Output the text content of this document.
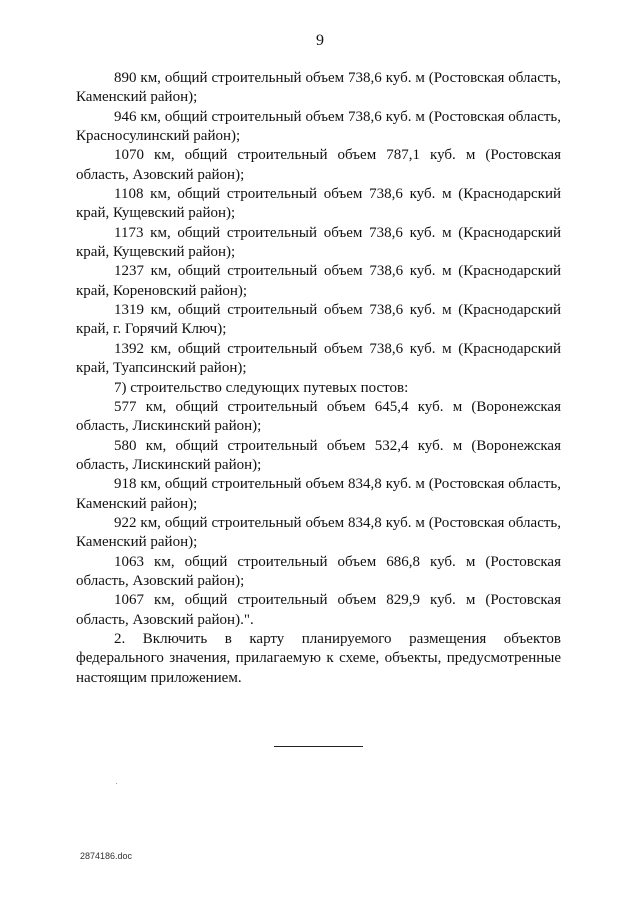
9

890 км, общий строительный объем 738,6 куб. м (Ростовская область, Каменский район);

946 км, общий строительный объем 738,6 куб. м (Ростовская область, Красносулинский район);

1070 км, общий строительный объем 787,1 куб. м (Ростовская область, Азовский район);

1108 км, общий строительный объем 738,6 куб. м (Краснодарский край, Кущевский район);

1173 км, общий строительный объем 738,6 куб. м (Краснодарский край, Кущевский район);

1237 км, общий строительный объем 738,6 куб. м (Краснодарский край, Кореновский район);

1319 км, общий строительный объем 738,6 куб. м (Краснодарский край, г. Горячий Ключ);

1392 км, общий строительный объем 738,6 куб. м (Краснодарский край, Туапсинский район);

7) строительство следующих путевых постов:

577 км, общий строительный объем 645,4 куб. м (Воронежская область, Лискинский район);

580 км, общий строительный объем 532,4 куб. м (Воронежская область, Лискинский район);

918 км, общий строительный объем 834,8 куб. м (Ростовская область, Каменский район);

922 км, общий строительный объем 834,8 куб. м (Ростовская область, Каменский район);

1063 км, общий строительный объем 686,8 куб. м (Ростовская область, Азовский район);

1067 км, общий строительный объем 829,9 куб. м (Ростовская область, Азовский район).".

2. Включить в карту планируемого размещения объектов федерального значения, прилагаемую к схеме, объекты, предусмотренные настоящим приложением.

2874186.doc
